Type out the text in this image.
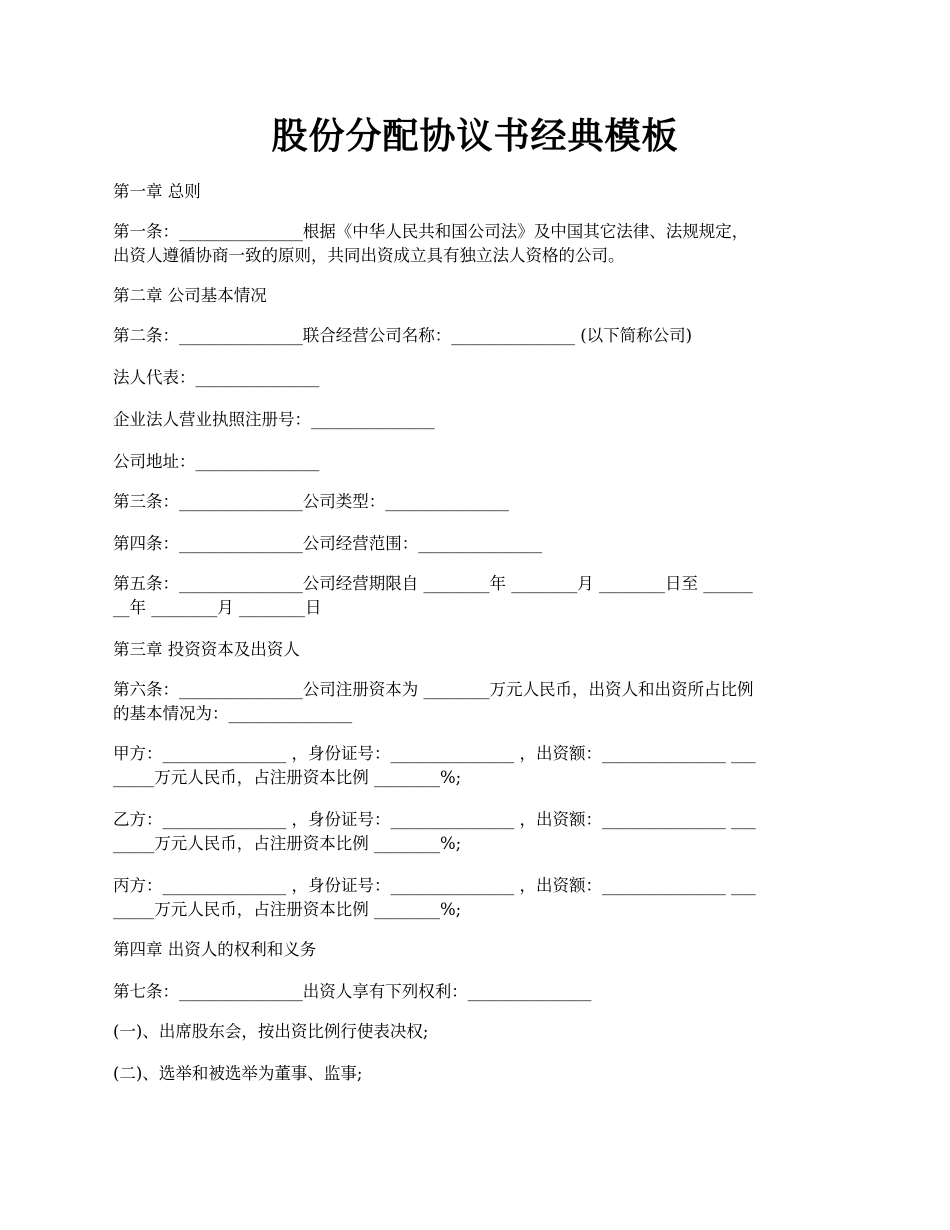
股份分配协议书经典模板
第一章 总则
第一条：_______________根据《中华人民共和国公司法》及中国其它法律、法规规定，
出资人遵循协商一致的原则，共同出资成立具有独立法人资格的公司。
第二章 公司基本情况
第二条：_______________联合经营公司名称：_______________ (以下简称公司)
法人代表：_______________
企业法人营业执照注册号：_______________
公司地址：_______________
第三条：_______________公司类型：_______________
第四条：_______________公司经营范围：_______________
第五条：_______________公司经营期限自 ________年 ________月 ________日至 ______
__年 ________月 ________日
第三章 投资资本及出资人
第六条：_______________公司注册资本为 ________万元人民币，出资人和出资所占比例
的基本情况为：_______________
甲方：_______________ ，身份证号：_______________ ，出资额：_______________ ___
_____万元人民币，占注册资本比例 ________%;
乙方：_______________ ，身份证号：_______________ ，出资额：_______________ ___
_____万元人民币，占注册资本比例 ________%;
丙方：_______________ ，身份证号：_______________ ，出资额：_______________ ___
_____万元人民币，占注册资本比例 ________%;
第四章 出资人的权利和义务
第七条：_______________出资人享有下列权利：_______________
(一)、出席股东会，按出资比例行使表决权;
(二)、选举和被选举为董事、监事;
